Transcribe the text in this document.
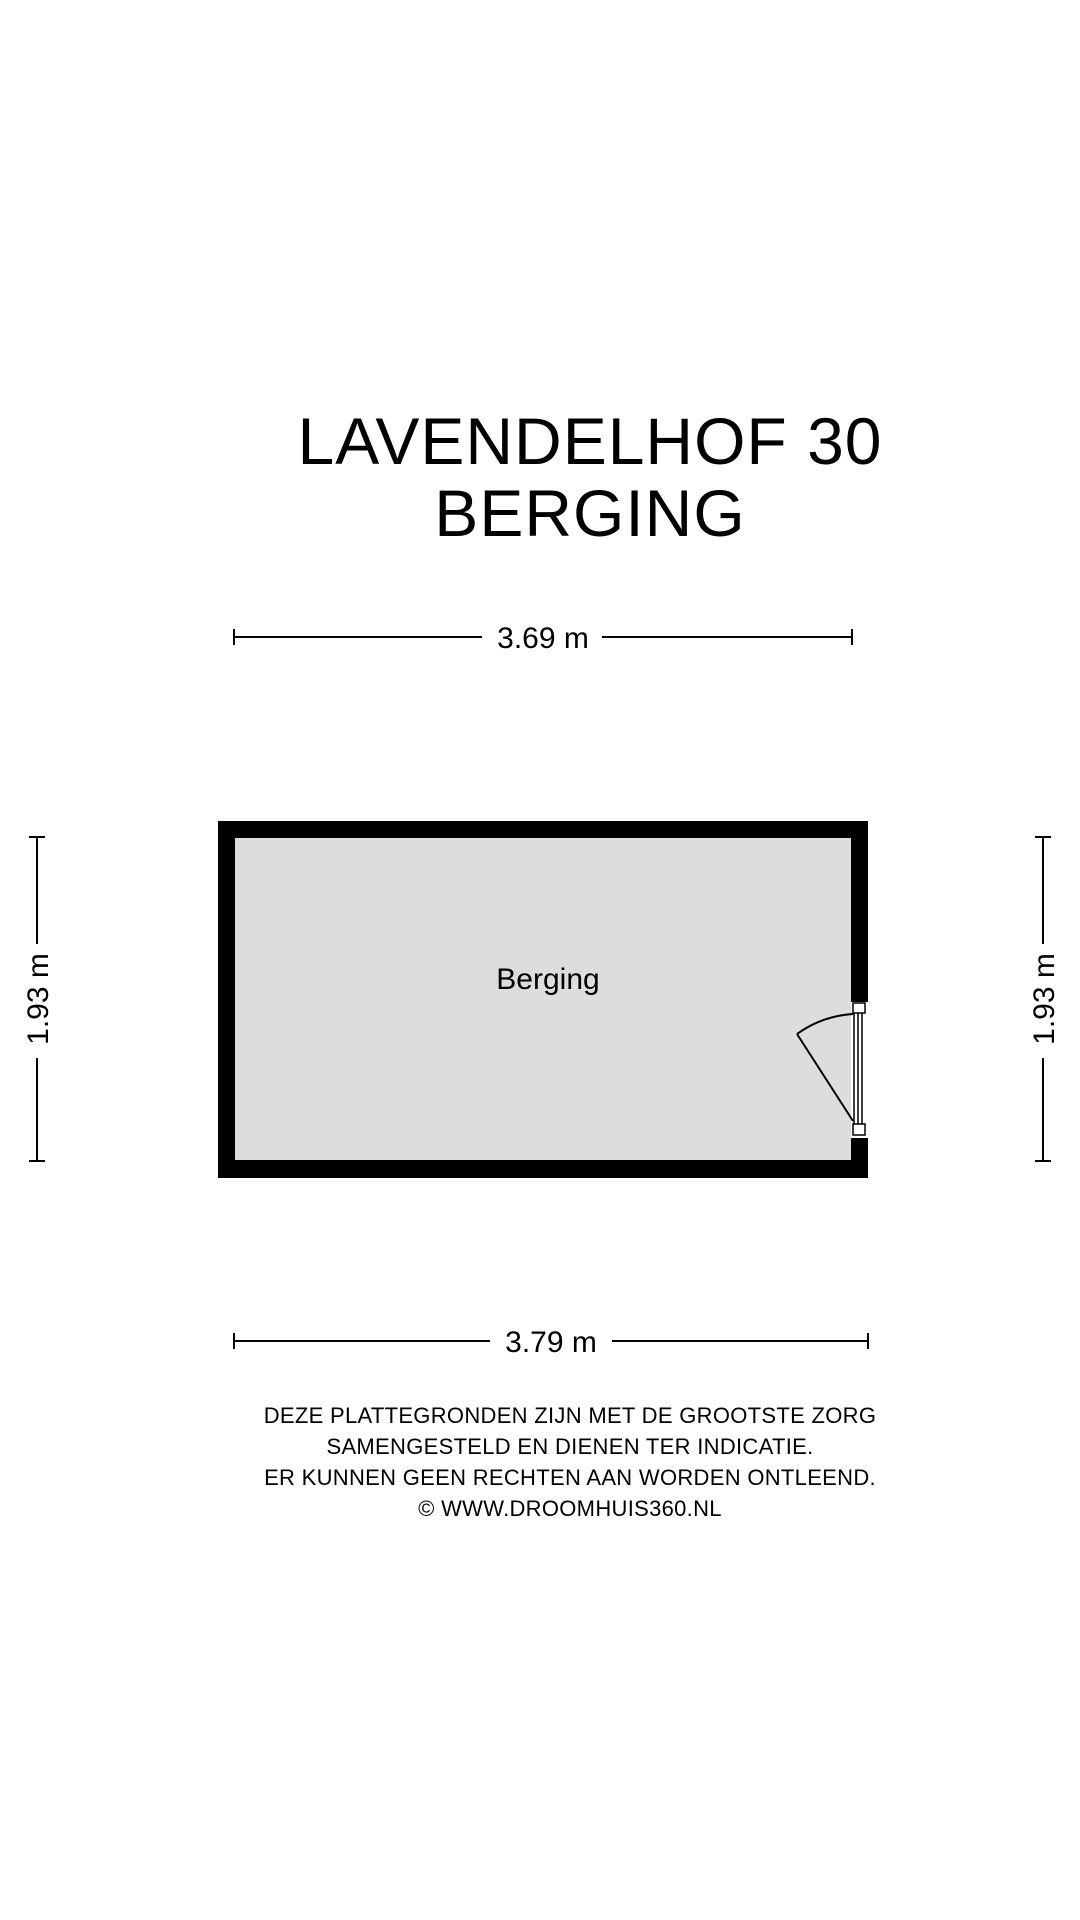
LAVENDELHOF 30
BERGING
3.69 m
3.79 m
1.93 m	1.93 m
Berging
DEZE PLATTEGRONDEN ZIJN MET DE GROOTSTE ZORG
SAMENGESTELD EN DIENEN TER INDICATIE.
ER KUNNEN GEEN RECHTEN AAN WORDEN ONTLEEND.
© WWW.DROOMHUIS360.NL
